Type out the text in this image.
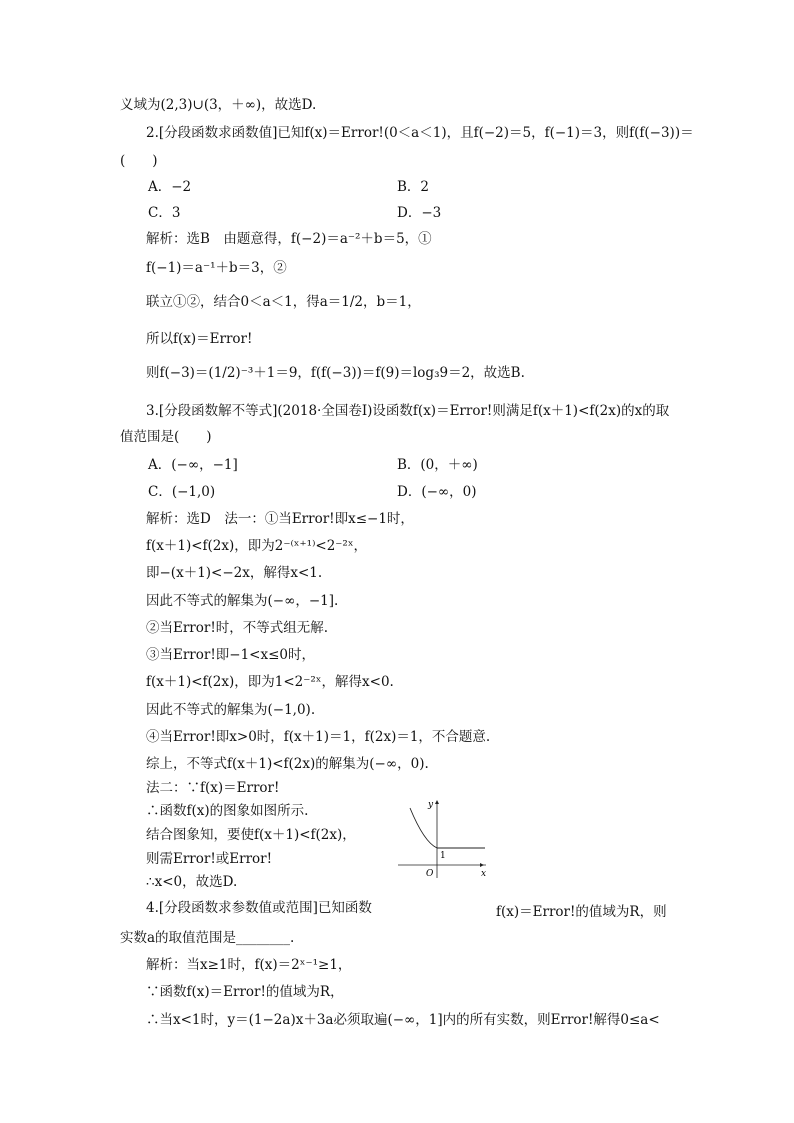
义域为(2,3)∪(3，＋∞)，故选D.
2.[分段函数求函数值]已知f(x)＝Error!(0＜a＜1)，且f(−2)＝5，f(−1)＝3，则f(f(−3))＝
(　　)
A．−2	B．2
C．3	D．−3
解析：选B　由题意得，f(−2)＝a⁻²＋b＝5，①
f(−1)＝a⁻¹＋b＝3，②
联立①②，结合0＜a＜1，得a＝1/2，b＝1，
所以f(x)＝Error!
则f(−3)＝(1/2)⁻³＋1＝9，f(f(−3))＝f(9)＝log₃9＝2，故选B.
3.[分段函数解不等式](2018·全国卷Ⅰ)设函数f(x)＝Error!则满足f(x＋1)<f(2x)的x的取
值范围是(　　)
A．(−∞，−1]	B．(0，＋∞)
C．(−1,0)	D．(−∞，0)
解析：选D　法一：①当Error!即x≤−1时，
f(x＋1)<f(2x)，即为2⁻⁽ˣ⁺¹⁾<2⁻²ˣ，
即−(x＋1)<−2x，解得x<1.
因此不等式的解集为(−∞，−1].
②当Error!时，不等式组无解.
③当Error!即−1<x≤0时，
f(x＋1)<f(2x)，即为1<2⁻²ˣ，解得x<0.
因此不等式的解集为(−1,0).
④当Error!即x>0时，f(x＋1)＝1，f(2x)＝1，不合题意.
综上，不等式f(x＋1)<f(2x)的解集为(−∞，0).
法二：∵f(x)＝Error!
∴函数f(x)的图象如图所示.
结合图象知，要使f(x＋1)<f(2x)，
则需Error!或Error!
∴x<0，故选D.
4.[分段函数求参数值或范围]已知函数	f(x)＝Error!的值域为R，则
实数a的取值范围是________.
解析：当x≥1时，f(x)＝2ˣ⁻¹≥1，
∵函数f(x)＝Error!的值域为R，
∴当x<1时，y＝(1−2a)x＋3a必须取遍(−∞，1]内的所有实数，则Error!解得0≤a<
y
x
O
1
